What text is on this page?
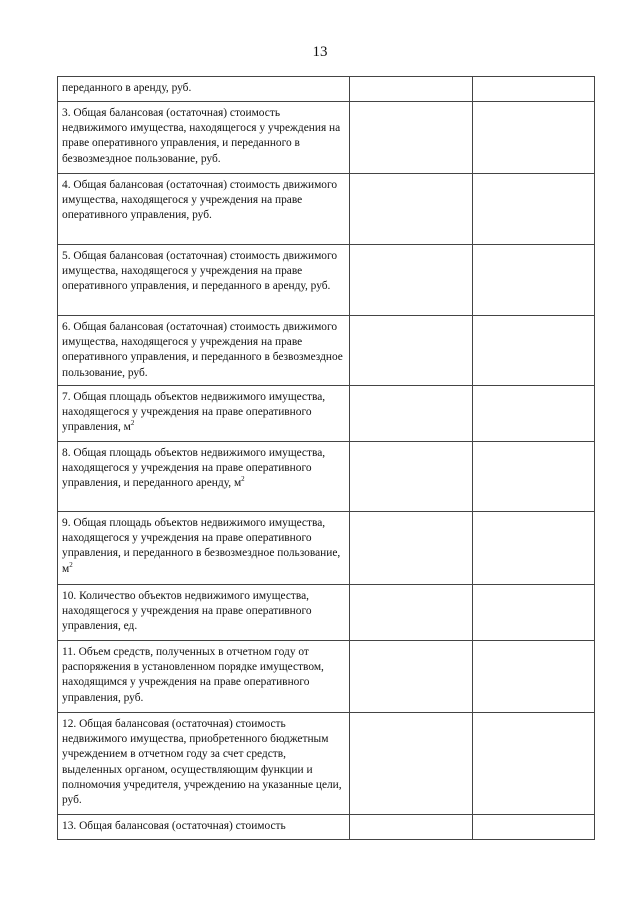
13
переданного в аренду, руб.		
3. Общая балансовая (остаточная) стоимость недвижимого имущества, находящегося у учреждения на праве оперативного управления, и переданного в безвозмездное пользование, руб.		
4. Общая балансовая (остаточная) стоимость движимого имущества, находящегося у учреждения на праве оперативного управления, руб.		
5. Общая балансовая (остаточная) стоимость движимого имущества, находящегося у учреждения на праве оперативного управления, и переданного в аренду, руб.		
6. Общая балансовая (остаточная) стоимость движимого имущества, находящегося у учреждения на праве оперативного управления, и переданного в безвозмездное пользование, руб.		
7. Общая площадь объектов недвижимого имущества, находящегося у учреждения на праве оперативного управления, $м^2$		
8. Общая площадь объектов недвижимого имущества, находящегося у учреждения на праве оперативного управления, и переданного аренду, $м^2$		
9. Общая площадь объектов недвижимого имущества, находящегося у учреждения на праве оперативного управления, и переданного в безвозмездное пользование, $м^2$		
10. Количество объектов недвижимого имущества, находящегося у учреждения на праве оперативного управления, ед.		
11. Объем средств, полученных в отчетном году от распоряжения в установленном порядке имуществом, находящимся у учреждения на праве оперативного управления, руб.		
12. Общая балансовая (остаточная) стоимость недвижимого имущества, приобретенного бюджетным учреждением в отчетном году за счет средств, выделенных органом, осуществляющим функции и полномочия учредителя, учреждению на указанные цели, руб.		
13. Общая балансовая (остаточная) стоимость		
